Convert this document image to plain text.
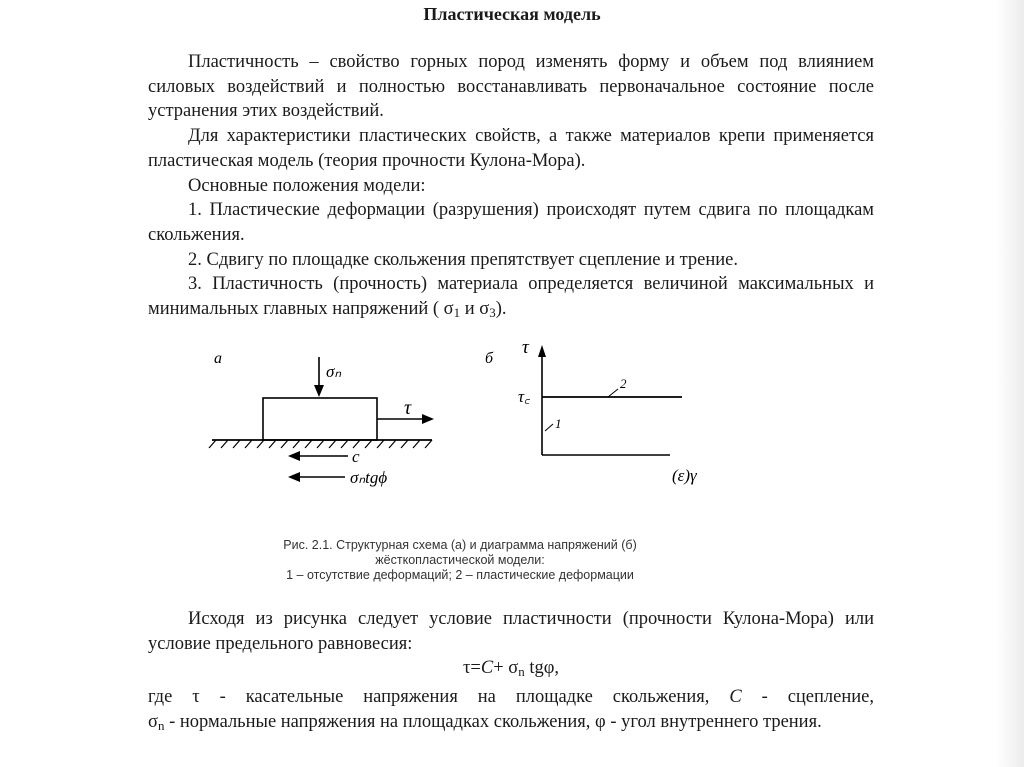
Пластическая модель

Пластичность – свойство горных пород изменять форму и объем под влиянием силовых воздействий и полностью восстанавливать первоначальное состояние после устранения этих воздействий.

Для характеристики пластических свойств, а также материалов крепи применяется пластическая модель (теория прочности Кулона-Мора).

Основные положения модели:

1. Пластические деформации (разрушения) происходят путем сдвига по площадкам скольжения.

2. Сдвигу по площадке скольжения препятствует сцепление и трение.

3. Пластичность (прочность) материала определяется величиной максимальных и минимальных главных напряжений ( $\sigma_1$ и $\sigma_3$).

а
σₙ
τ
c
σₙtgϕ
б
τ
τ꜀
2
1
(ε)γ
Рис. 2.1. Структурная схема (а) и диаграмма напряжений (б)
жёсткопластической модели:
1 – отсутствие деформаций; 2 – пластические деформации

Исходя из рисунка следует условие пластичности (прочности Кулона-Мора) или условие предельного равновесия:

$\tau=C+ \sigma_n$ tgφ,

где τ - касательные напряжения на площадке скольжения, C - сцепление,

$\sigma_n$ - нормальные напряжения на площадках скольжения, φ - угол внутреннего трения.
